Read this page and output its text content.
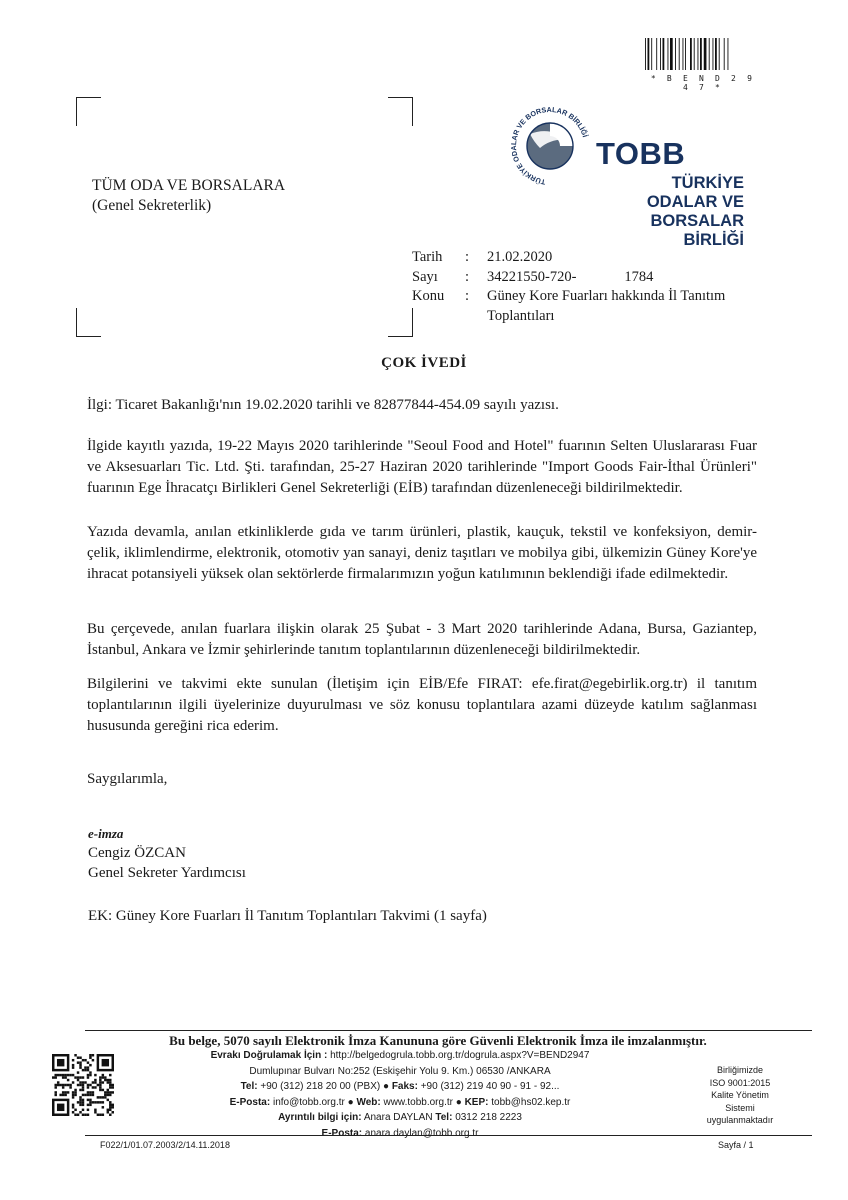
* B E N D 2 9 4 7 *
TÜM ODA VE BORSALARA
(Genel Sekreterlik)
TÜRKİYE ODALAR VE BORSALAR BİRLİĞİ TOBB
TÜRKİYE
ODALAR VE BORSALAR
BİRLİĞİ
Tarih	:	21.02.2020
Sayı	:	34221550-720- 1784
Konu	:	Güney Kore Fuarları hakkında İl Tanıtım
Toplantıları
ÇOK İVEDİ
İlgi: Ticaret Bakanlığı'nın 19.02.2020 tarihli ve 82877844-454.09 sayılı yazısı.
İlgide kayıtlı yazıda, 19-22 Mayıs 2020 tarihlerinde "Seoul Food and Hotel" fuarının Selten Uluslararası Fuar ve Aksesuarları Tic. Ltd. Şti. tarafından, 25-27 Haziran 2020 tarihlerinde "Import Goods Fair-İthal Ürünleri" fuarının Ege İhracatçı Birlikleri Genel Sekreterliği (EİB) tarafından düzenleneceği bildirilmektedir.
Yazıda devamla, anılan etkinliklerde gıda ve tarım ürünleri, plastik, kauçuk, tekstil ve konfeksiyon, demir-çelik, iklimlendirme, elektronik, otomotiv yan sanayi, deniz taşıtları ve mobilya gibi, ülkemizin Güney Kore'ye ihracat potansiyeli yüksek olan sektörlerde firmalarımızın yoğun katılımının beklendiği ifade edilmektedir.
Bu çerçevede, anılan fuarlara ilişkin olarak 25 Şubat - 3 Mart 2020 tarihlerinde Adana, Bursa, Gaziantep, İstanbul, Ankara ve İzmir şehirlerinde tanıtım toplantılarının düzenleneceği bildirilmektedir.
Bilgilerini ve takvimi ekte sunulan (İletişim için EİB/Efe FIRAT: efe.firat@egebirlik.org.tr) il tanıtım toplantılarının ilgili üyelerinize duyurulması ve söz konusu toplantılara azami düzeyde katılım sağlanması hususunda gereğini rica ederim.
Saygılarımla,
e-imza
Cengiz ÖZCAN
Genel Sekreter Yardımcısı
EK: Güney Kore Fuarları İl Tanıtım Toplantıları Takvimi (1 sayfa)
Bu belge, 5070 sayılı Elektronik İmza Kanununa göre Güvenli Elektronik İmza ile imzalanmıştır.
Evrakı Doğrulamak İçin : http://belgedogrula.tobb.org.tr/dogrula.aspx?V=BEND2947
Dumlupınar Bulvarı No:252 (Eskişehir Yolu 9. Km.) 06530 /ANKARA
Tel: +90 (312) 218 20 00 (PBX) ● Faks: +90 (312) 219 40 90 - 91 - 92...
E-Posta: info@tobb.org.tr ● Web: www.tobb.org.tr ● KEP: tobb@hs02.kep.tr
Ayrıntılı bilgi için: Anara DAYLAN Tel: 0312 218 2223
E-Posta: anara.daylan@tobb.org.tr
Birliğimizde
ISO 9001:2015
Kalite Yönetim
Sistemi
uygulanmaktadır
F022/1/01.07.2003/2/14.11.2018	Sayfa / 1
